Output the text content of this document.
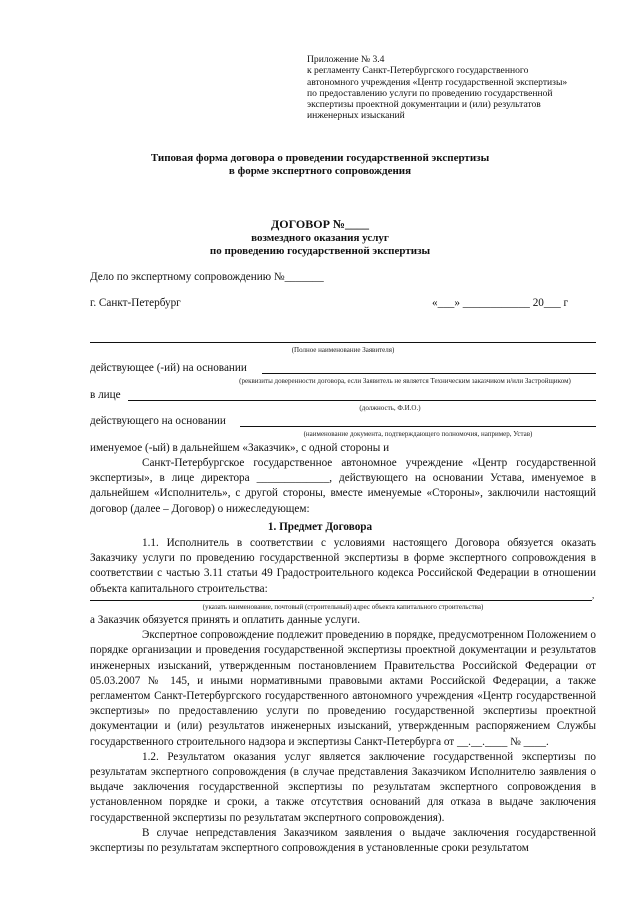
Приложение № 3.4
к регламенту Санкт-Петербургского государственного
автономного учреждения «Центр государственной экспертизы»
по предоставлению услуги по проведению государственной
экспертизы проектной документации и (или) результатов
инженерных изысканий
Типовая форма договора о проведении государственной экспертизы
в форме экспертного сопровождения
ДОГОВОР №____
возмездного оказания услуг
по проведению государственной экспертизы
Дело по экспертному сопровождению №_______
г. Санкт-Петербург	«___» ____________ 20___ г
(Полное наименование Заявителя)
действующее (-ий) на основании
(реквизиты доверенности договора, если Заявитель не является Техническим заказчиком и/или Застройщиком)
в лице
(должность, Ф.И.О.)
действующего на основании
(наименование документа, подтверждающего полномочия, например, Устав)
именуемое (-ый) в дальнейшем «Заказчик», с одной стороны и

Санкт-Петербургское государственное автономное учреждение «Центр государственной экспертизы», в лице директора _____________, действующего на основании Устава, именуемое в дальнейшем «Исполнитель», с другой стороны, вместе именуемые «Стороны», заключили настоящий договор (далее – Договор) о нижеследующем:

1. Предмет Договора

1.1. Исполнитель в соответствии с условиями настоящего Договора обязуется оказать Заказчику услуги по проведению государственной экспертизы в форме экспертного сопровождения в соответствии с частью 3.11 статьи 49 Градостроительного кодекса Российской Федерации в отношении объекта капитального строительства:

,
(указать наименование, почтовый (строительный) адрес объекта капитального строительства)

а Заказчик обязуется принять и оплатить данные услуги.

Экспертное сопровождение подлежит проведению в порядке, предусмотренном Положением о порядке организации и проведения государственной экспертизы проектной документации и результатов инженерных изысканий, утвержденным постановлением Правительства Российской Федерации от 05.03.2007 № 145, и иными нормативными правовыми актами Российской Федерации, а также регламентом Санкт-Петербургского государственного автономного учреждения «Центр государственной экспертизы» по предоставлению услуги по проведению государственной экспертизы проектной документации и (или) результатов инженерных изысканий, утвержденным распоряжением Службы государственного строительного надзора и экспертизы Санкт-Петербурга от __.__.____ № ____.

1.2. Результатом оказания услуг является заключение государственной экспертизы по результатам экспертного сопровождения (в случае представления Заказчиком Исполнителю заявления о выдаче заключения государственной экспертизы по результатам экспертного сопровождения в установленном порядке и сроки, а также отсутствия оснований для отказа в выдаче заключения государственной экспертизы по результатам экспертного сопровождения).

В случае непредставления Заказчиком заявления о выдаче заключения государственной экспертизы по результатам экспертного сопровождения в установленные сроки результатом
